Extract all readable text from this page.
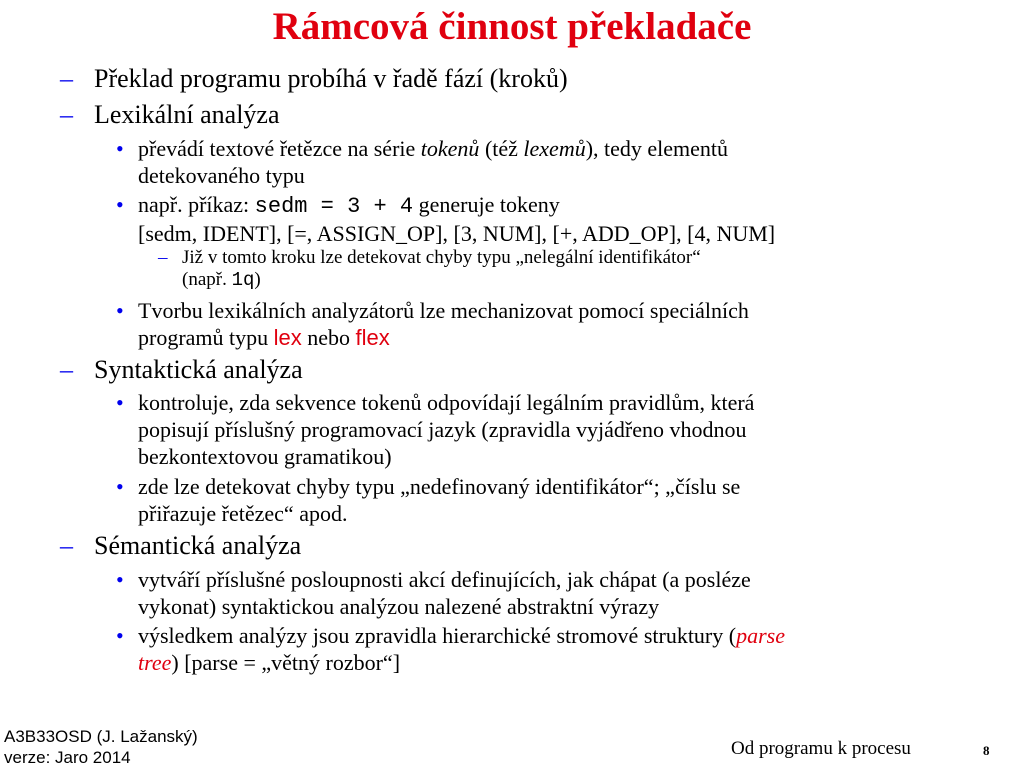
Rámcová činnost překladače
– Překlad programu probíhá v řadě fází (kroků)
– Lexikální analýza
• převádí textové řetězce na série tokenů (též lexemů), tedy elementů
detekovaného typu
• např. příkaz: sedm = 3 + 4 generuje tokeny
[sedm, IDENT], [=, ASSIGN_OP], [3, NUM], [+, ADD_OP], [4, NUM]
– Již v tomto kroku lze detekovat chyby typu „nelegální identifikátor“
(např. 1q)
• Tvorbu lexikálních analyzátorů lze mechanizovat pomocí speciálních
programů typu lex nebo flex
– Syntaktická analýza
• kontroluje, zda sekvence tokenů odpovídají legálním pravidlům, která
popisují příslušný programovací jazyk (zpravidla vyjádřeno vhodnou
bezkontextovou gramatikou)
• zde lze detekovat chyby typu „nedefinovaný identifikátor“; „číslu se
přiřazuje řetězec“ apod.
– Sémantická analýza
• vytváří příslušné posloupnosti akcí definujících, jak chápat (a posléze
vykonat) syntaktickou analýzou nalezené abstraktní výrazy
• výsledkem analýzy jsou zpravidla hierarchické stromové struktury (parse
tree) [parse = „větný rozbor“]
A3B33OSD (J. Lažanský)
verze: Jaro 2014	Od programu k procesu	8
